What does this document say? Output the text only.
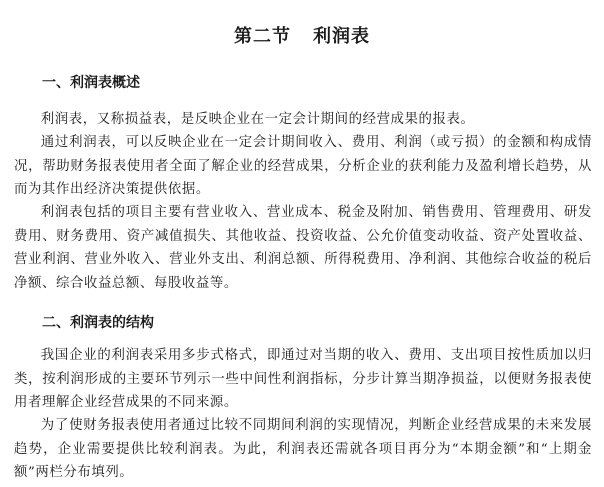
第二节 利润表
一、利润表概述

利润表，又称损益表，是反映企业在一定会计期间的经营成果的报表。

通过利润表，可以反映企业在一定会计期间收入、费用、利润（或亏损）的金额和构成情况，帮助财务报表使用者全面了解企业的经营成果，分析企业的获利能力及盈利增长趋势，从而为其作出经济决策提供依据。

利润表包括的项目主要有营业收入、营业成本、税金及附加、销售费用、管理费用、研发费用、财务费用、资产减值损失、其他收益、投资收益、公允价值变动收益、资产处置收益、营业利润、营业外收入、营业外支出、利润总额、所得税费用、净利润、其他综合收益的税后净额、综合收益总额、每股收益等。

二、利润表的结构

我国企业的利润表采用多步式格式，即通过对当期的收入、费用、支出项目按性质加以归类，按利润形成的主要环节列示一些中间性利润指标，分步计算当期净损益，以便财务报表使用者理解企业经营成果的不同来源。

为了使财务报表使用者通过比较不同期间利润的实现情况，判断企业经营成果的未来发展趋势，企业需要提供比较利润表。为此，利润表还需就各项目再分为“本期金额”和“上期金额”两栏分布填列。
